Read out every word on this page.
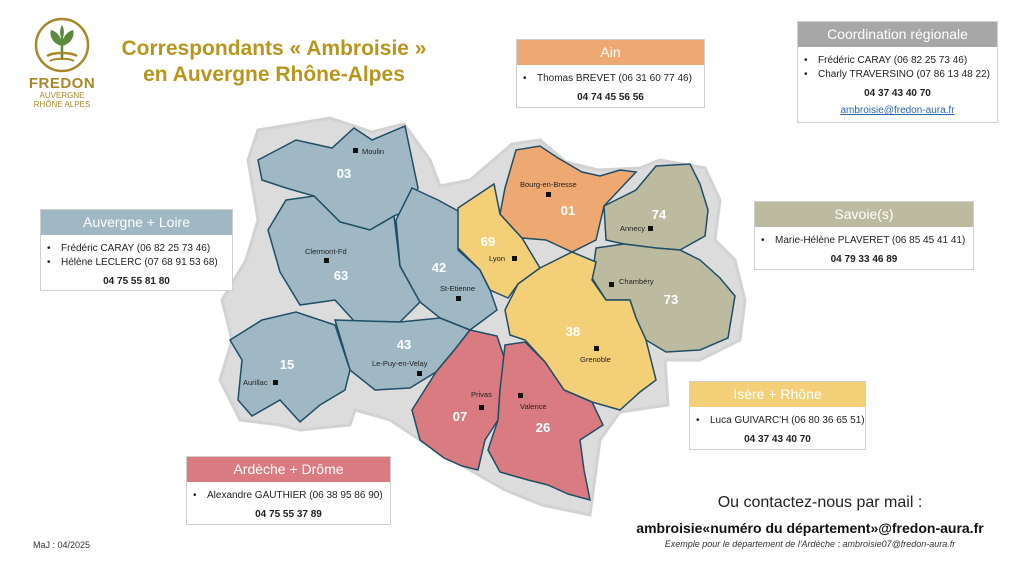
FREDON
AUVERGNE
RHÔNE ALPES
Correspondants « Ambroisie »
en Auvergne Rhône-Alpes
03
63
42
69
01	74
73
38
43
15
07
26
Moulin
Clermont-Fd
St-Etienne
Lyon
Bourg-en-Bresse
Annecy
Chambéry
Grenoble
Le-Puy-en-Velay
Aurillac
Privas
Valence
Ain
• Thomas BREVET (06 31 60 77 46)
04 74 45 56 56
Coordination régionale
• Frédéric CARAY (06 82 25 73 46)
• Charly TRAVERSINO (07 86 13 48 22)
04 37 43 40 70
ambroisie@fredon-aura.fr
Auvergne + Loire
• Frédéric CARAY (06 82 25 73 46)
• Hélène LECLERC (07 68 91 53 68)
04 75 55 81 80
Savoie(s)
• Marie-Hélène PLAVERET (06 85 45 41 41)
04 79 33 46 89
Isère + Rhône
• Luca GUIVARC'H (06 80 36 65 51)
04 37 43 40 70
Ardèche + Drôme
• Alexandre GAUTHIER (06 38 95 86 90)
04 75 55 37 89
Ou contactez-nous par mail :
ambroisie«numéro du département»@fredon-aura.fr
Exemple pour le département de l'Ardèche : ambroisie07@fredon-aura.fr
MaJ : 04/2025
